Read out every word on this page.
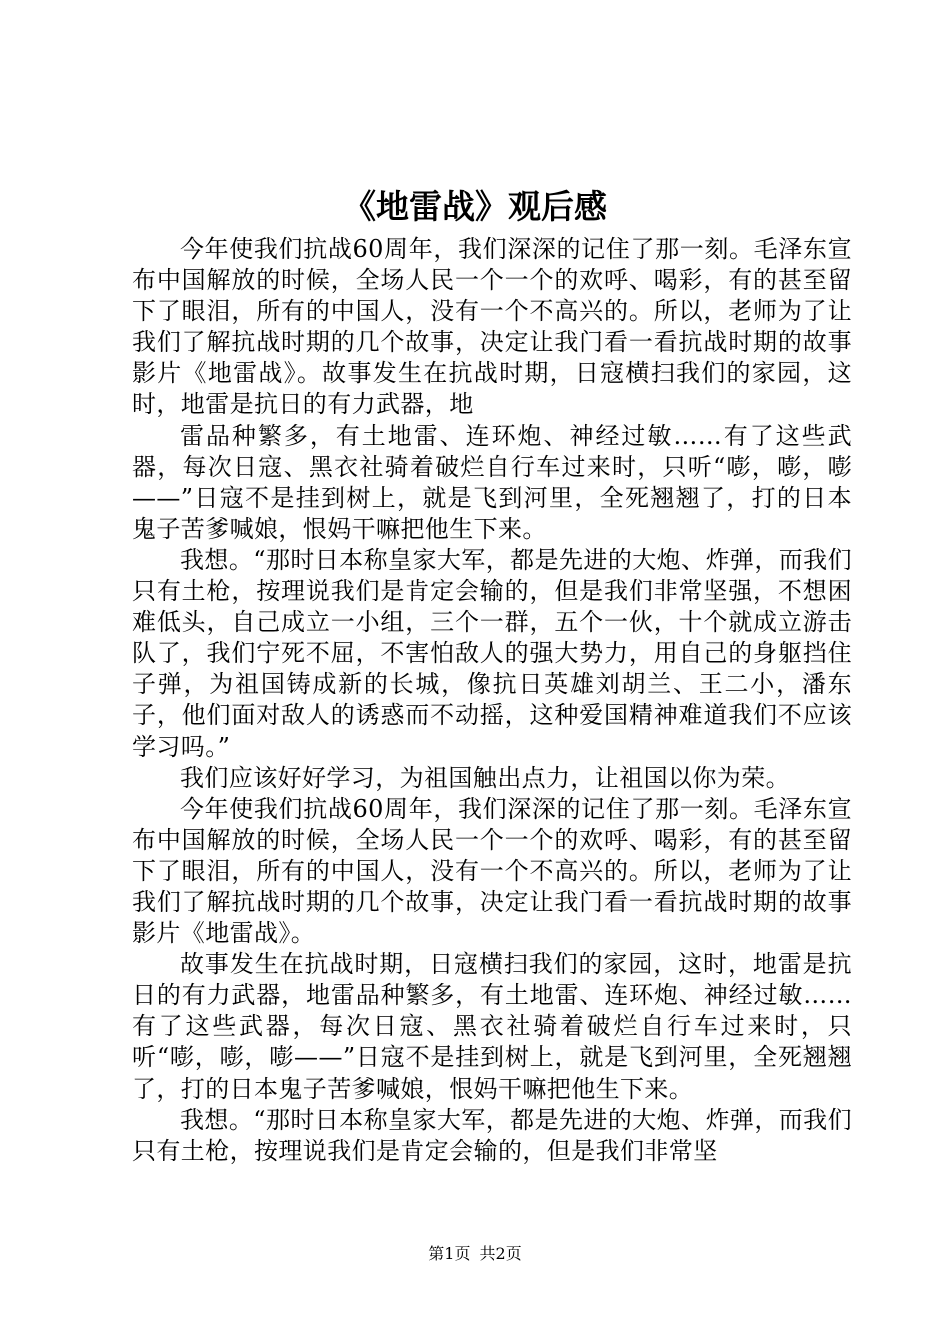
《地雷战》观后感

今年使我们抗战60周年，我们深深的记住了那一刻。毛泽东宣布中国解放的时候，全场人民一个一个的欢呼、喝彩，有的甚至留下了眼泪，所有的中国人，没有一个不高兴的。所以，老师为了让我们了解抗战时期的几个故事，决定让我门看一看抗战时期的故事影片《地雷战》。故事发生在抗战时期，日寇横扫我们的家园，这时，地雷是抗日的有力武器，地

雷品种繁多，有土地雷、连环炮、神经过敏……有了这些武器，每次日寇、黑衣社骑着破烂自行车过来时，只听“嘭，嘭，嘭——”日寇不是挂到树上，就是飞到河里，全死翘翘了，打的日本鬼子苦爹喊娘，恨妈干嘛把他生下来。

我想。“那时日本称皇家大军，都是先进的大炮、炸弹，而我们只有土枪，按理说我们是肯定会输的，但是我们非常坚强，不想困难低头，自己成立一小组，三个一群，五个一伙，十个就成立游击队了，我们宁死不屈，不害怕敌人的强大势力，用自己的身躯挡住子弹，为祖国铸成新的长城，像抗日英雄刘胡兰、王二小，潘东子，他们面对敌人的诱惑而不动摇，这种爱国精神难道我们不应该学习吗。”

我们应该好好学习，为祖国触出点力，让祖国以你为荣。

今年使我们抗战60周年，我们深深的记住了那一刻。毛泽东宣布中国解放的时候，全场人民一个一个的欢呼、喝彩，有的甚至留下了眼泪，所有的中国人，没有一个不高兴的。所以，老师为了让我们了解抗战时期的几个故事，决定让我门看一看抗战时期的故事影片《地雷战》。

故事发生在抗战时期，日寇横扫我们的家园，这时，地雷是抗日的有力武器，地雷品种繁多，有土地雷、连环炮、神经过敏……有了这些武器，每次日寇、黑衣社骑着破烂自行车过来时，只听“嘭，嘭，嘭——”日寇不是挂到树上，就是飞到河里，全死翘翘了，打的日本鬼子苦爹喊娘，恨妈干嘛把他生下来。

我想。“那时日本称皇家大军，都是先进的大炮、炸弹，而我们只有土枪，按理说我们是肯定会输的，但是我们非常坚

第1页 共2页
